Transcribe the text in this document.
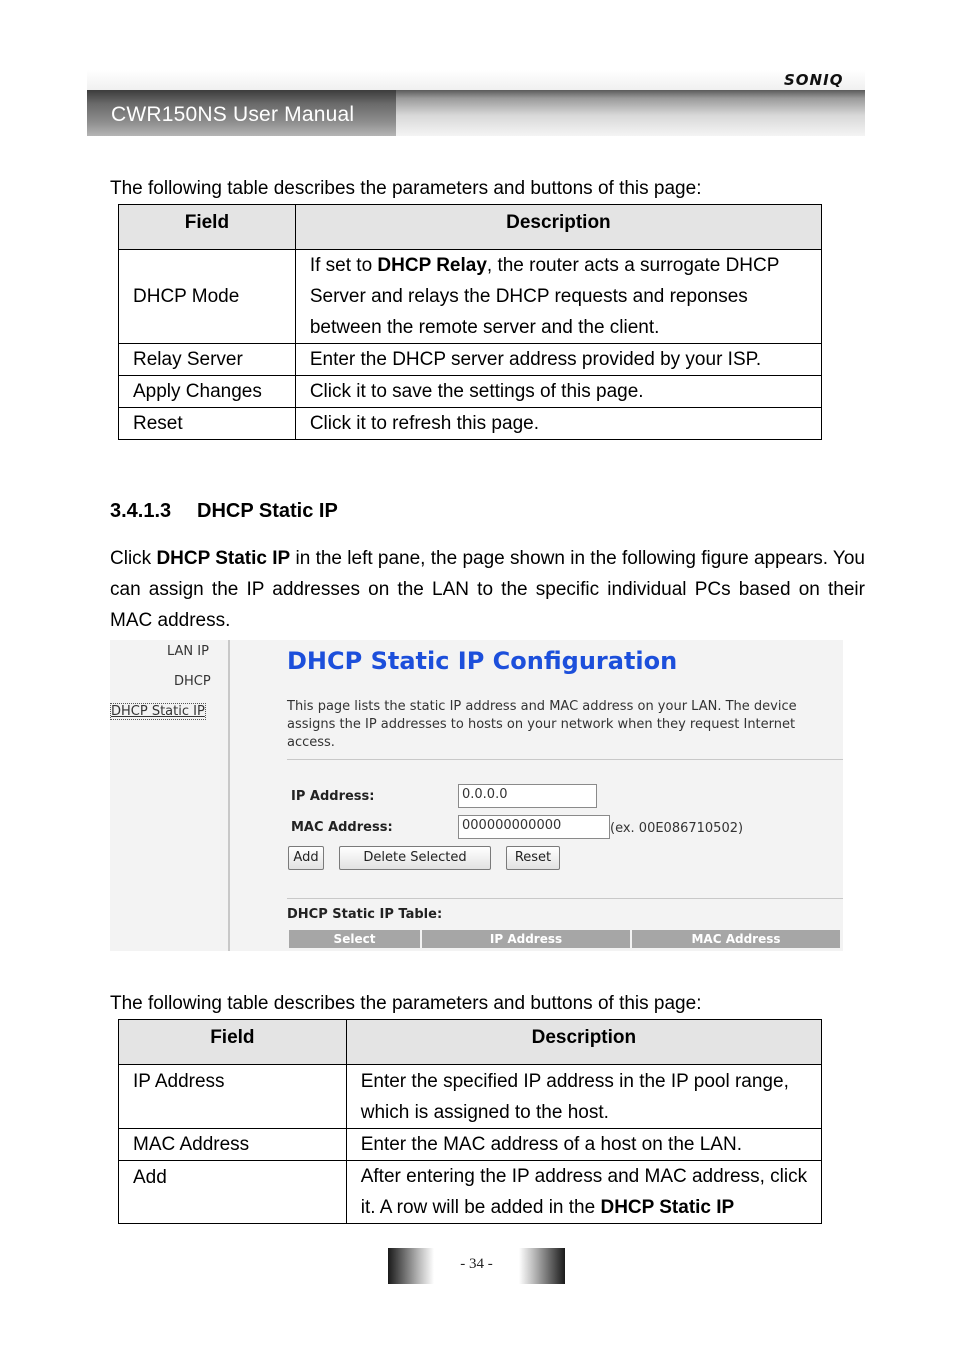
CWR150NS User Manual
SONIQ
The following table describes the parameters and buttons of this page:
Field	Description
DHCP Mode	If set to DHCP Relay, the router acts a surrogate DHCP Server and relays the DHCP requests and reponses between the remote server and the client.
Relay Server	Enter the DHCP server address provided by your ISP.
Apply Changes	Click it to save the settings of this page.
Reset	Click it to refresh this page.
3.4.1.3 DHCP Static IP
Click DHCP Static IP in the left pane, the page shown in the following figure appears. You can assign the IP addresses on the LAN to the specific individual PCs based on their MAC address.
LAN IP
DHCP
DHCP Static IP
DHCP Static IP Configuration
This page lists the static IP address and MAC address on your LAN. The device assigns the IP addresses to hosts on your network when they request Internet access.
IP Address:	0.0.0.0
MAC Address:	000000000000	(ex. 00E086710502)
Add	Delete Selected	Reset
DHCP Static IP Table:
Select	IP Address	MAC Address
The following table describes the parameters and buttons of this page:
Field	Description
IP Address	Enter the specified IP address in the IP pool range, which is assigned to the host.
MAC Address	Enter the MAC address of a host on the LAN.
Add	After entering the IP address and MAC address, click it. A row will be added in the DHCP Static IP
- 34 -
